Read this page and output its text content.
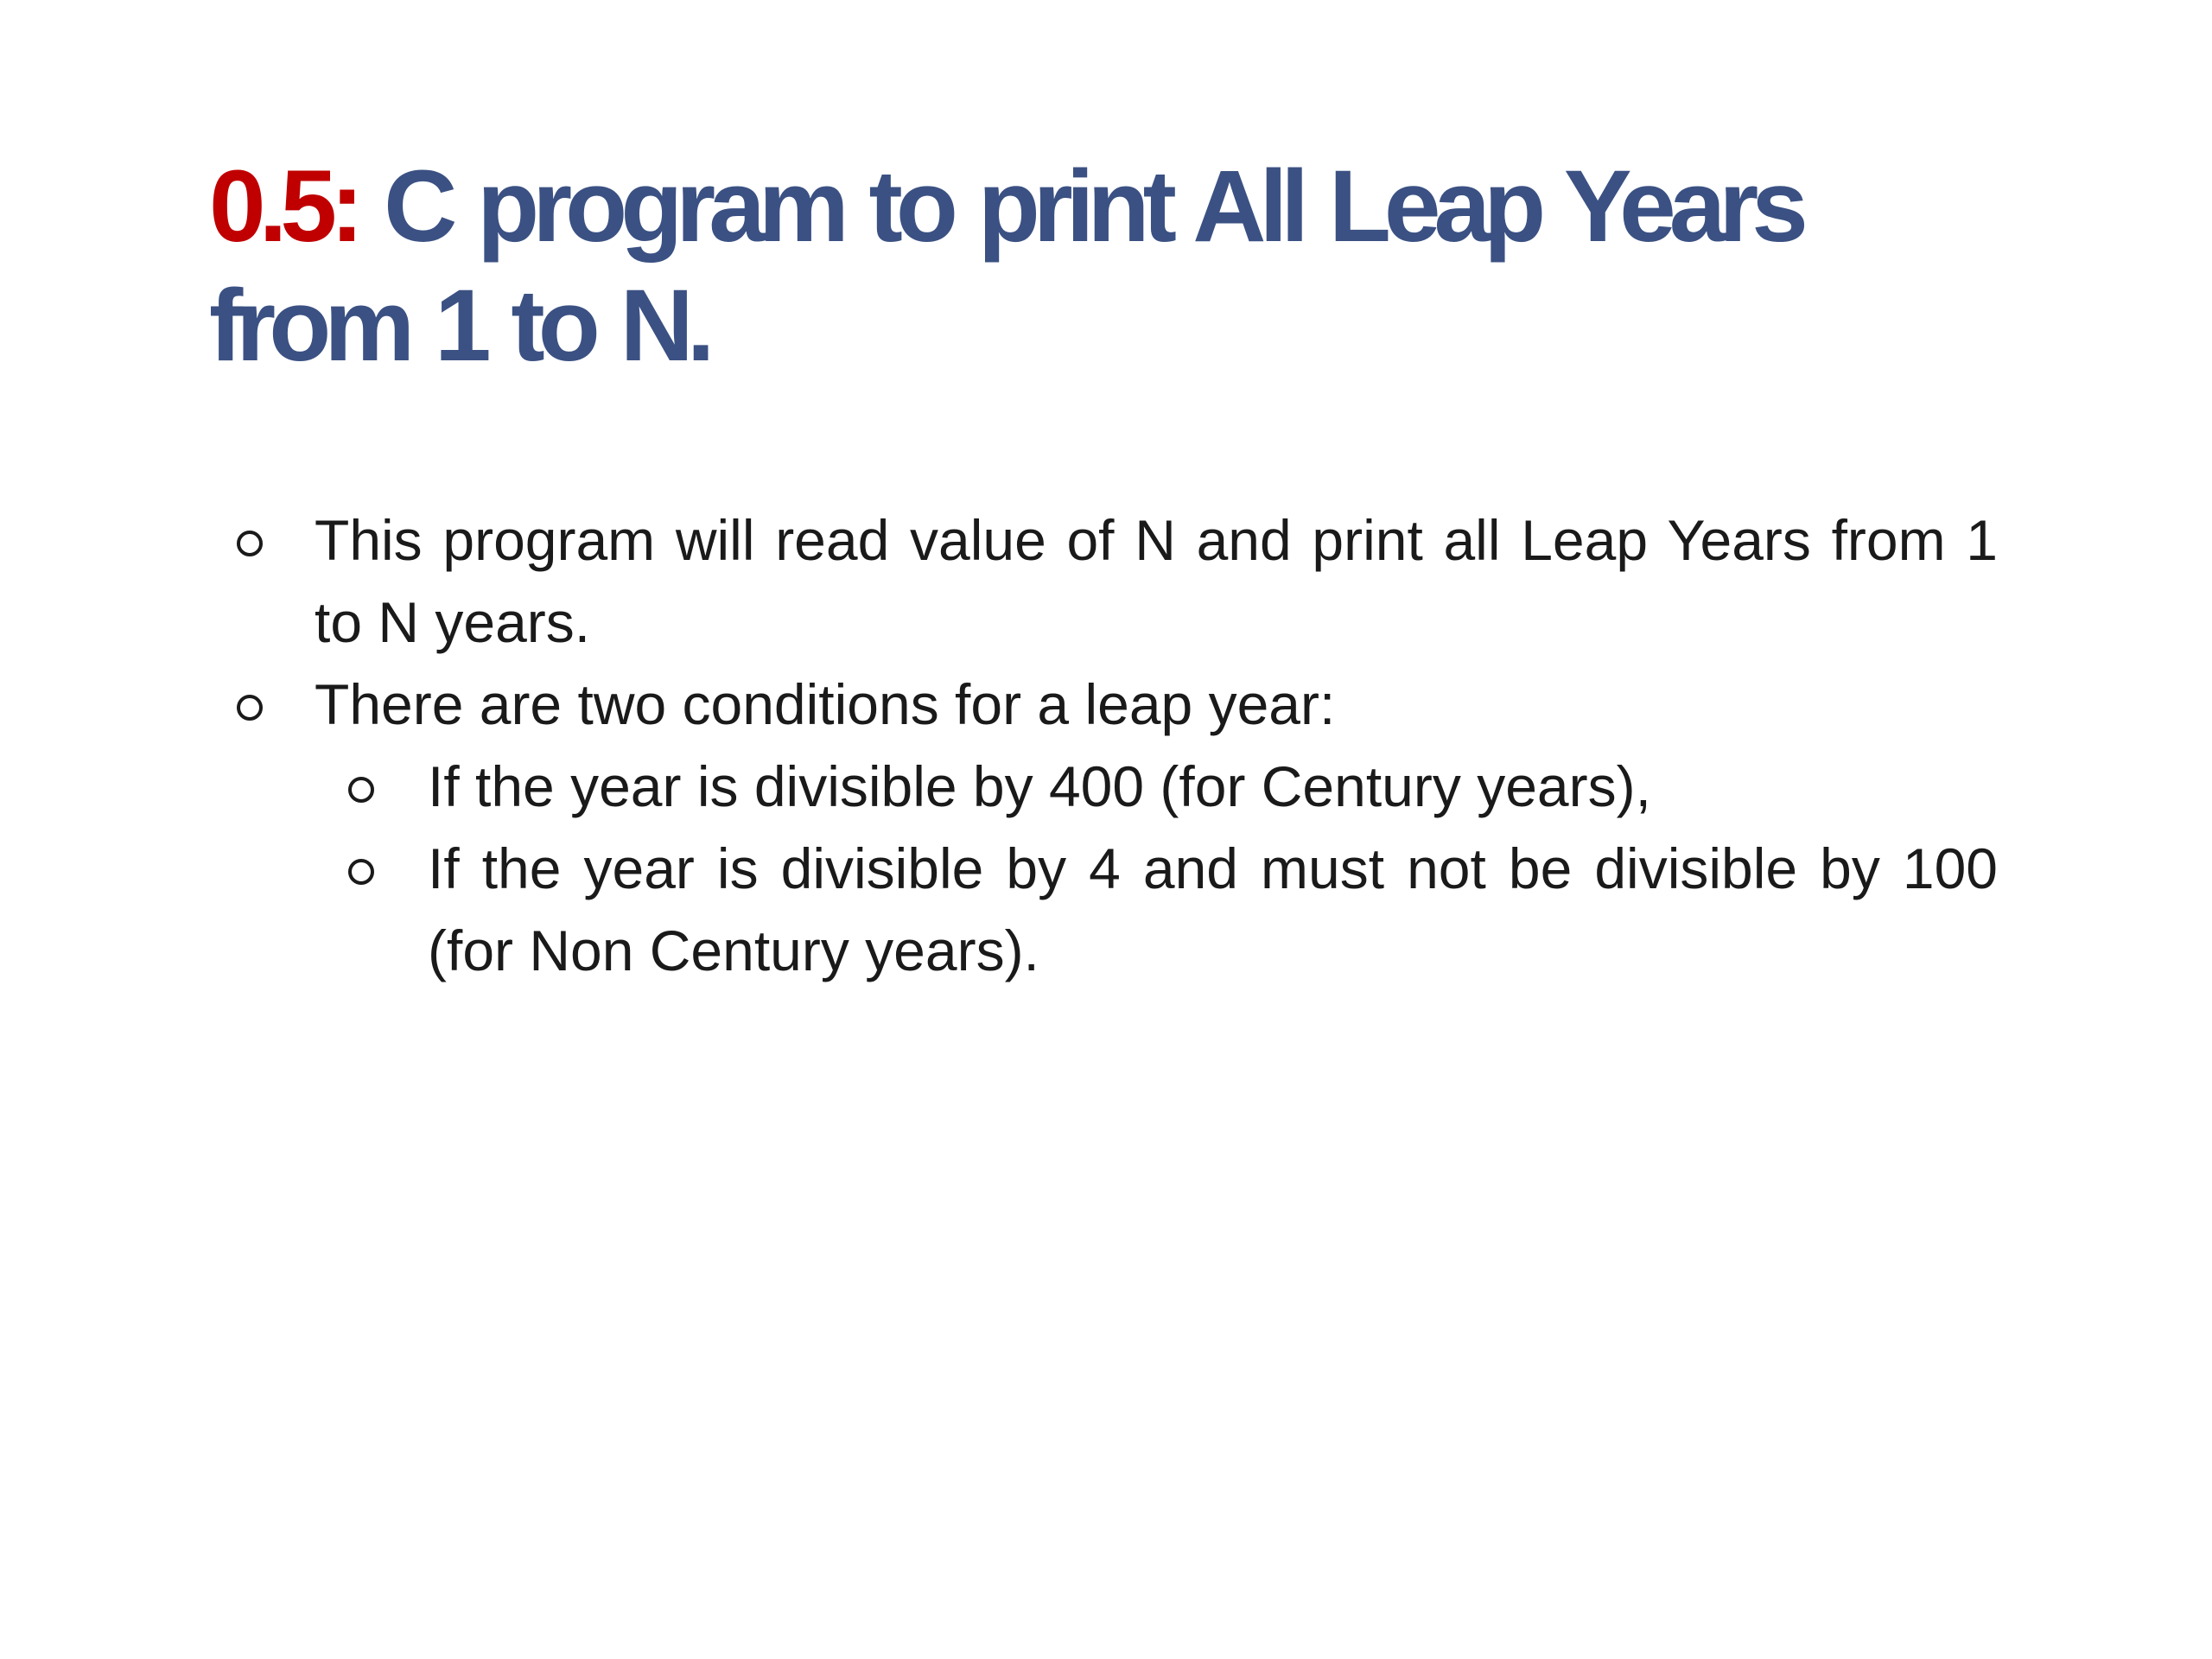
0.5: C program to print All Leap Years from 1 to N.
This program will read value of N and print all Leap Years from 1 to N years.
There are two conditions for a leap year:
If the year is divisible by 400 (for Century years),
If the year is divisible by 4 and must not be divisible by 100 (for Non Century years).
